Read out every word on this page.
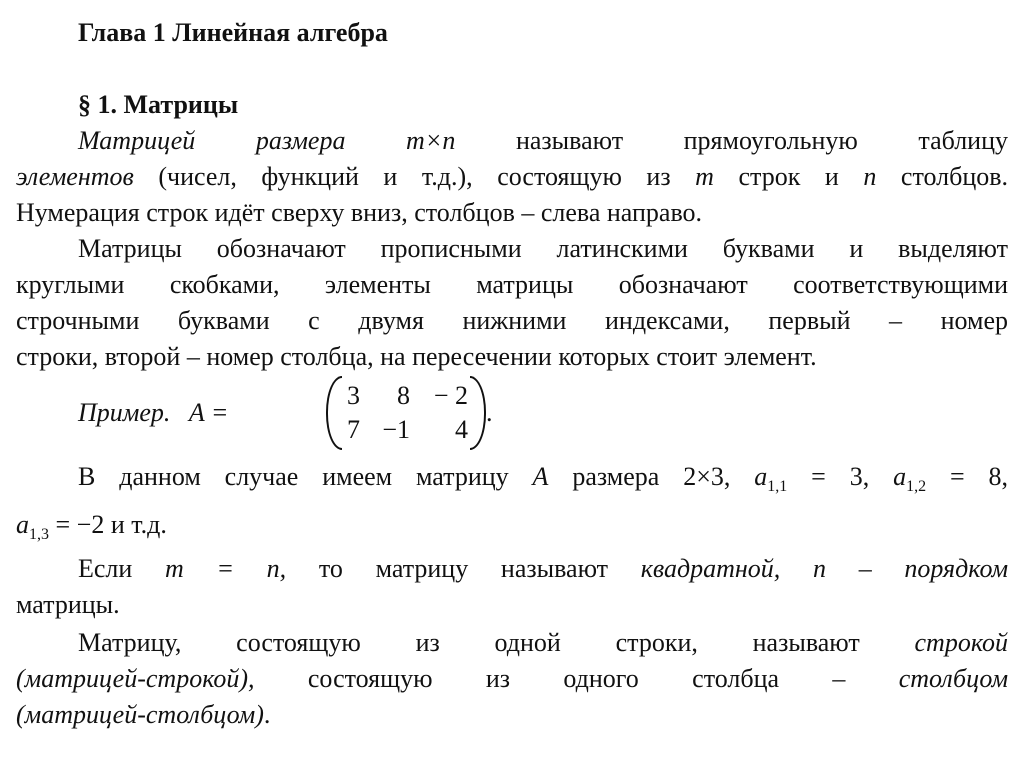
Глава 1 Линейная алгебра
§ 1. Матрицы
Матрицей размера m×n называют прямоугольную таблицу
элементов (чисел, функций и т.д.), состоящую из m строк и n столбцов.
Нумерация строк идёт сверху вниз, столбцов – слева направо.
Матрицы обозначают прописными латинскими буквами и выделяют
круглыми скобками, элементы матрицы обозначают соответствующими
строчными буквами с двумя нижними индексами, первый – номер
строки, второй – номер столбца, на пересечении которых стоит элемент.
Пример. A =
3	8 − 2
7 −1	4
.
В данном случае имеем матрицу A размера 2×3, $a_{1,1} = 3$, $a_{1,2} = 8$,
$a_{1,3} = -2$ и т.д.
Если m = n, то матрицу называют квадратной, n – порядком
матрицы.
Матрицу, состоящую из одной строки, называют строкой
(матрицей-строкой), состоящую из одного столбца – столбцом
(матрицей-столбцом).
